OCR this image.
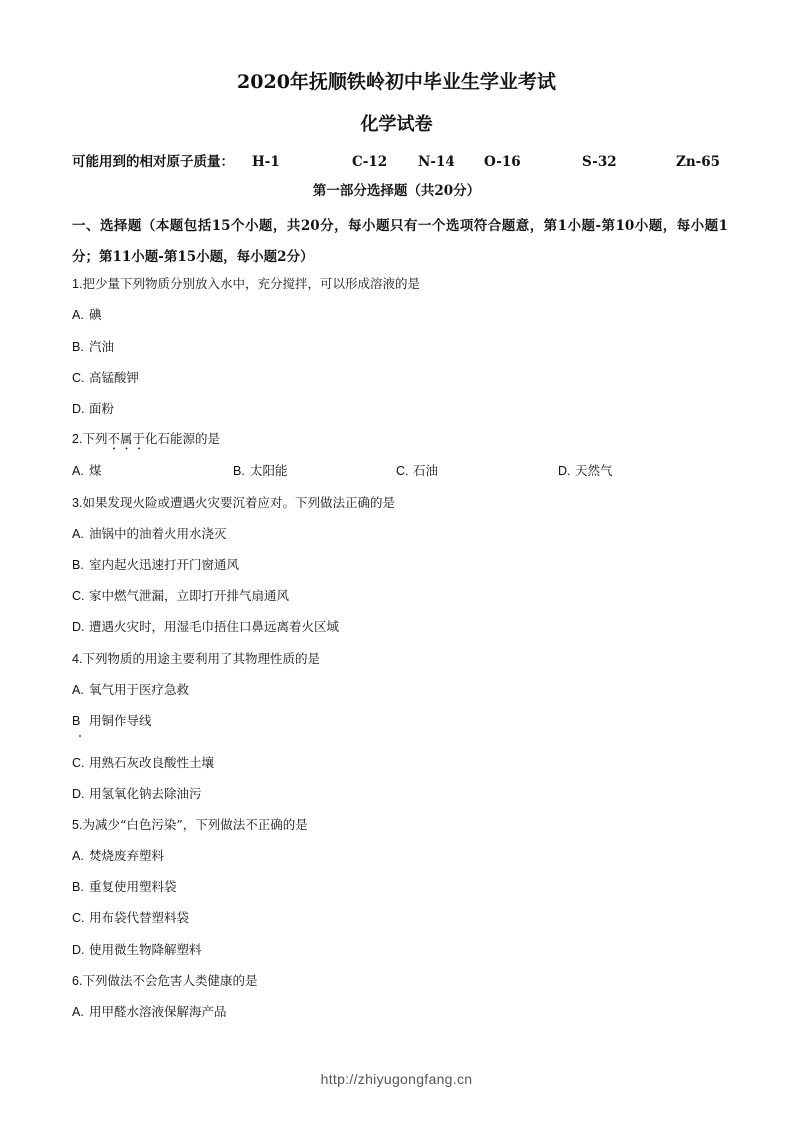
2020年抚顺铁岭初中毕业生学业考试
化学试卷
可能用到的相对原子质量： H-1	C-12 N-14 O-16	S-32	Zn-65
第一部分选择题（共20分）
一、选择题（本题包括15个小题，共20分，每小题只有一个选项符合题意，第1小题-第10小题，每小题1分；第11小题-第15小题，每小题2分）
1.把少量下列物质分别放入水中，充分搅拌，可以形成溶液的是
A. 碘
B. 汽油
C. 高锰酸钾
D. 面粉
2.下列不属于化石能源的是
A. 煤	B. 太阳能	C. 石油	D. 天然气
3.如果发现火险或遭遇火灾要沉着应对。下列做法正确的是
A. 油锅中的油着火用水浇灭
B. 室内起火迅速打开门窗通风
C. 家中燃气泄漏，立即打开排气扇通风
D. 遭遇火灾时，用湿毛巾捂住口鼻远离着火区域
4.下列物质的用途主要利用了其物理性质的是
A. 氧气用于医疗急救
B 用铜作导线
C. 用熟石灰改良酸性土壤
D. 用氢氧化钠去除油污
5.为减少“白色污染”，下列做法不正确的是
A. 焚烧废弃塑料
B. 重复使用塑料袋
C. 用布袋代替塑料袋
D. 使用微生物降解塑料
6.下列做法不会危害人类健康的是
A. 用甲醛水溶液保解海产品
http://zhiyugongfang.cn
